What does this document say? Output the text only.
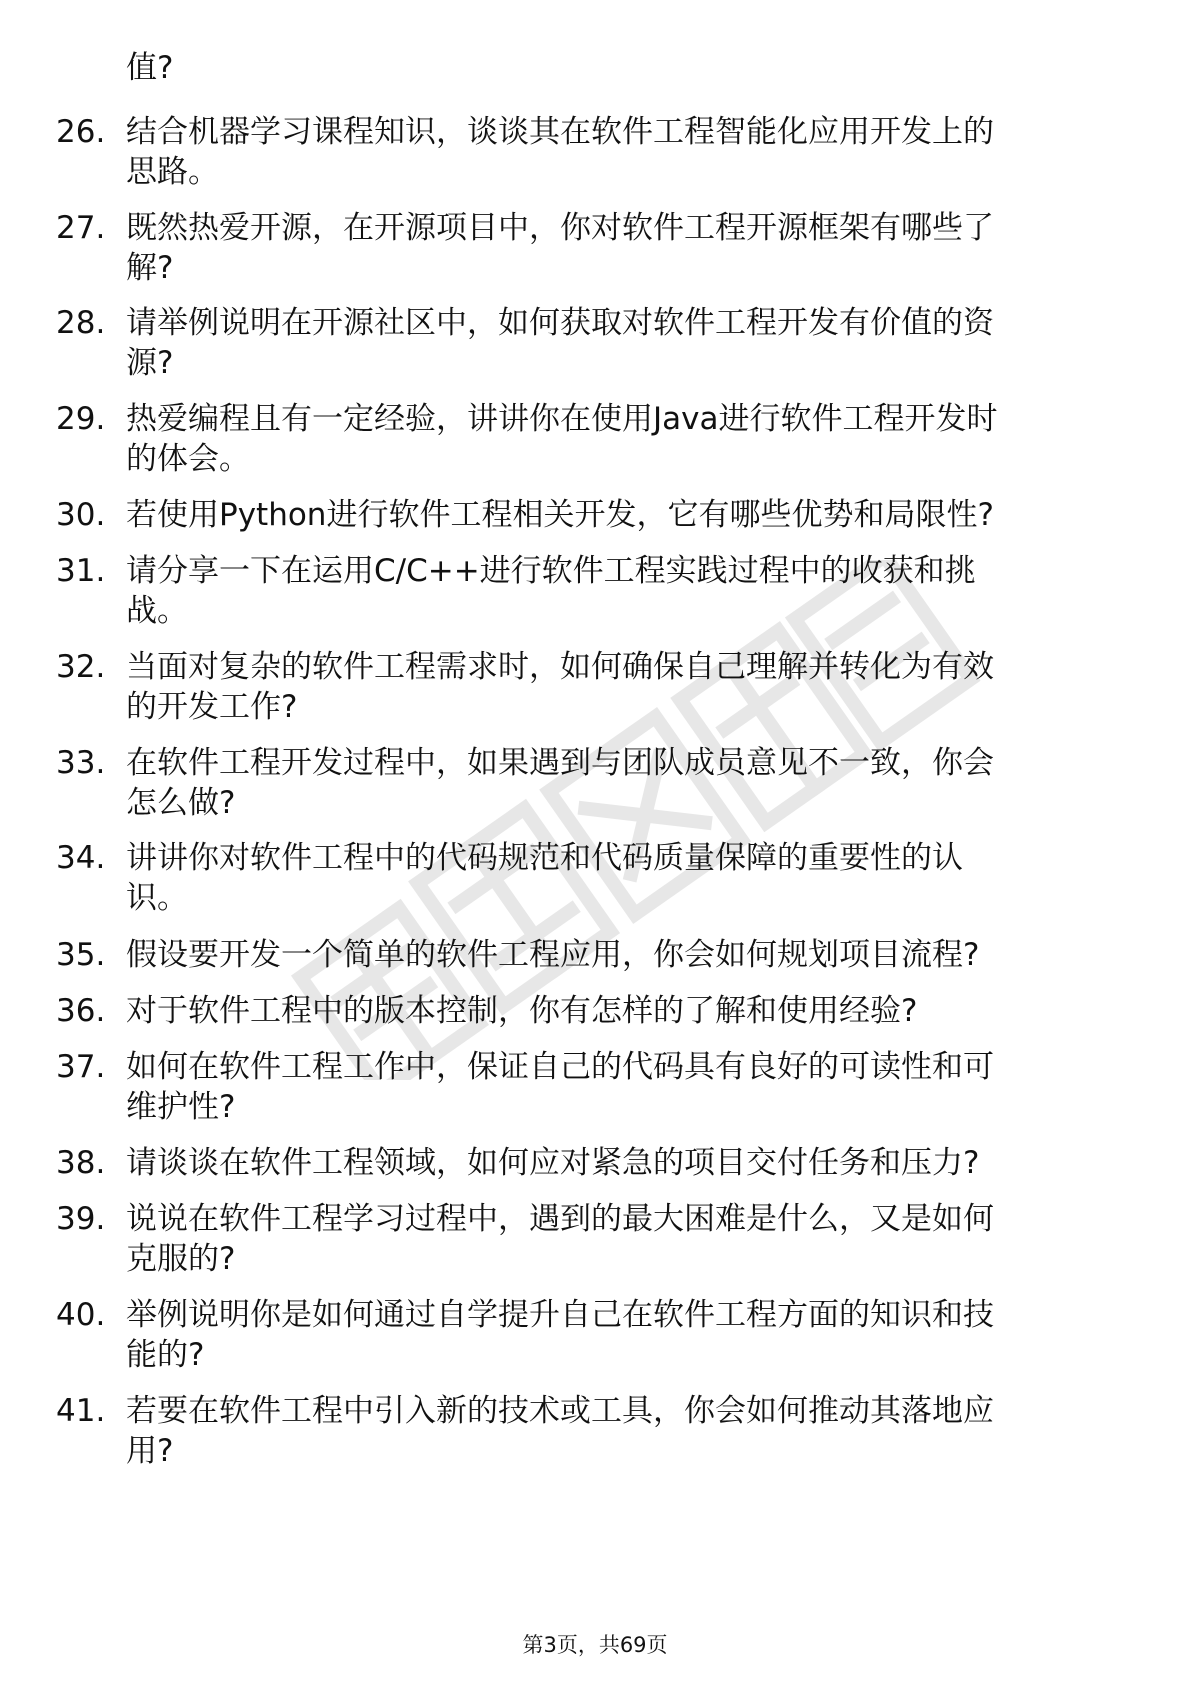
值?
26. 结合机器学习课程知识，谈谈其在软件工程智能化应用开发上的
思路。
27. 既然热爱开源，在开源项目中，你对软件工程开源框架有哪些了
解?
28. 请举例说明在开源社区中，如何获取对软件工程开发有价值的资
源?
29. 热爱编程且有一定经验，讲讲你在使用Java进行软件工程开发时
的体会。
30. 若使用Python进行软件工程相关开发，它有哪些优势和局限性?
31. 请分享一下在运用C/C++进行软件工程实践过程中的收获和挑
战。
32. 当面对复杂的软件工程需求时，如何确保自己理解并转化为有效
的开发工作?
33. 在软件工程开发过程中，如果遇到与团队成员意见不一致，你会
怎么做?
34. 讲讲你对软件工程中的代码规范和代码质量保障的重要性的认
识。
35. 假设要开发一个简单的软件工程应用，你会如何规划项目流程?
36. 对于软件工程中的版本控制，你有怎样的了解和使用经验?
37. 如何在软件工程工作中，保证自己的代码具有良好的可读性和可
维护性?
38. 请谈谈在软件工程领域，如何应对紧急的项目交付任务和压力?
39. 说说在软件工程学习过程中，遇到的最大困难是什么，又是如何
克服的?
40. 举例说明你是如何通过自学提升自己在软件工程方面的知识和技
能的?
41. 若要在软件工程中引入新的技术或工具，你会如何推动其落地应
用?
第3页，共69页
